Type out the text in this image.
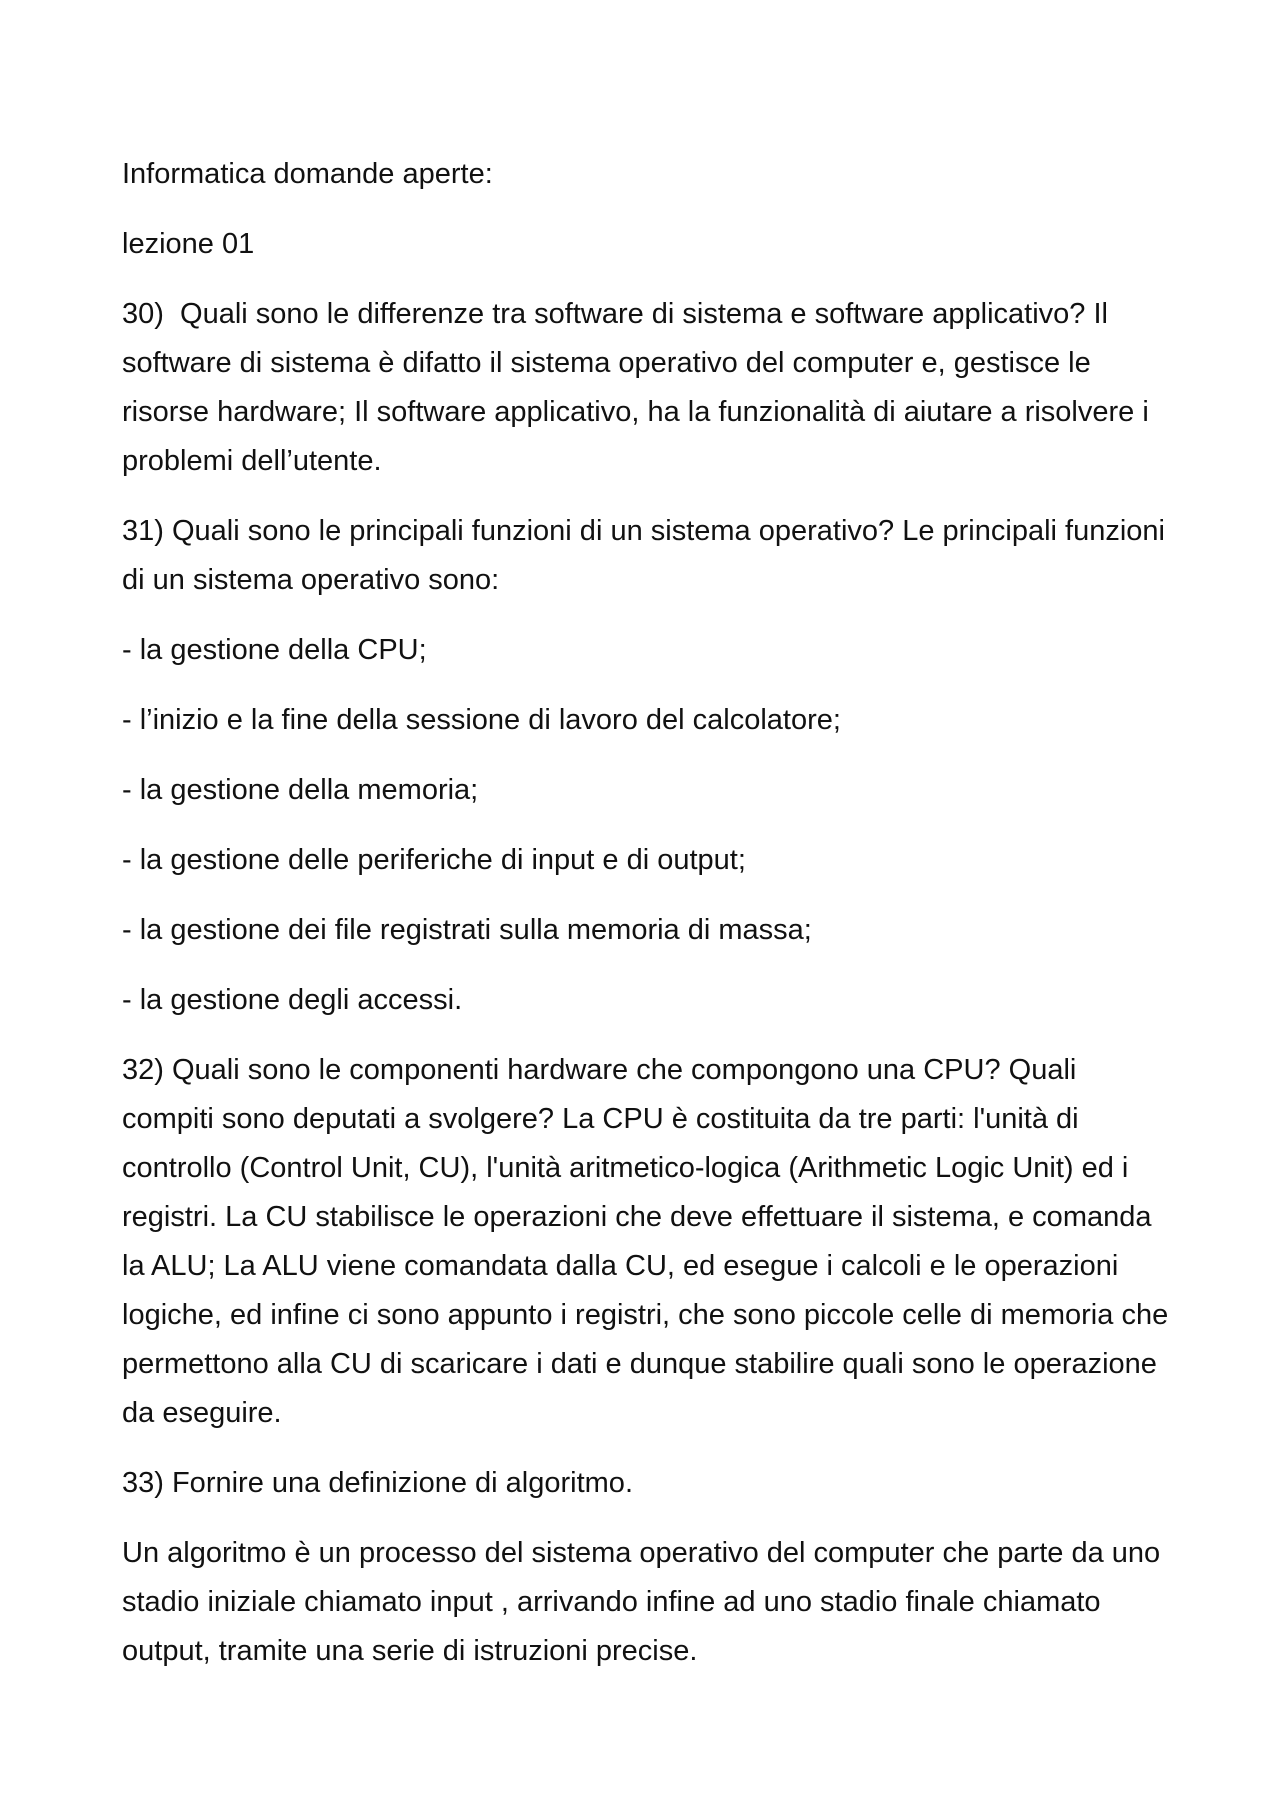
Informatica domande aperte:

lezione 01

30)  Quali sono le differenze tra software di sistema e software applicativo? Il software di sistema è difatto il sistema operativo del computer e, gestisce le risorse hardware; Il software applicativo, ha la funzionalità di aiutare a risolvere i problemi dell’utente.

31) Quali sono le principali funzioni di un sistema operativo? Le principali funzioni di un sistema operativo sono:

- la gestione della CPU;

- l’inizio e la fine della sessione di lavoro del calcolatore;

- la gestione della memoria;

- la gestione delle periferiche di input e di output;

- la gestione dei file registrati sulla memoria di massa;

- la gestione degli accessi.

32) Quali sono le componenti hardware che compongono una CPU? Quali compiti sono deputati a svolgere? La CPU è costituita da tre parti: l'unità di controllo (Control Unit, CU), l'unità aritmetico-logica (Arithmetic Logic Unit) ed i registri. La CU stabilisce le operazioni che deve effettuare il sistema, e comanda la ALU; La ALU viene comandata dalla CU, ed esegue i calcoli e le operazioni logiche, ed infine ci sono appunto i registri, che sono piccole celle di memoria che permettono alla CU di scaricare i dati e dunque stabilire quali sono le operazione da eseguire.

33) Fornire una definizione di algoritmo.

Un algoritmo è un processo del sistema operativo del computer che parte da uno stadio iniziale chiamato input , arrivando infine ad uno stadio finale chiamato output, tramite una serie di istruzioni precise.
